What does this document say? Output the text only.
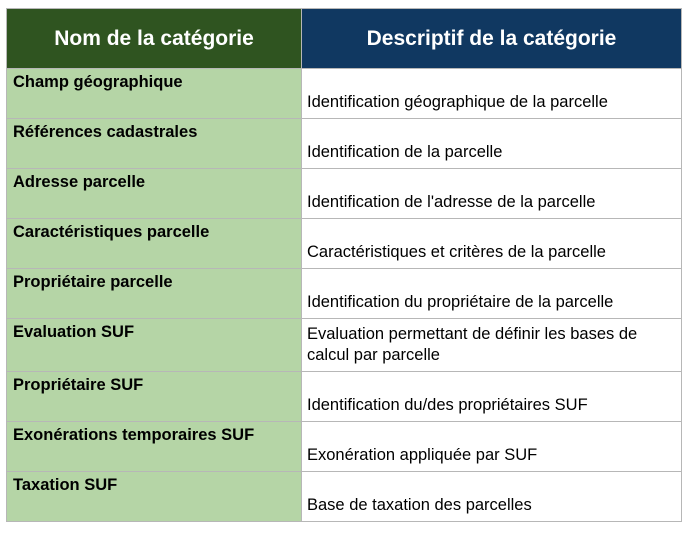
Nom de la catégorie	Descriptif de la catégorie
Champ géographique	Identification géographique de la parcelle
Références cadastrales	Identification de la parcelle
Adresse parcelle	Identification de l'adresse de la parcelle
Caractéristiques parcelle	Caractéristiques et critères de la parcelle
Propriétaire parcelle	Identification du propriétaire de la parcelle
Evaluation SUF	Evaluation permettant de définir les bases de calcul par parcelle
Propriétaire SUF	Identification du/des propriétaires SUF
Exonérations temporaires SUF	Exonération appliquée par SUF
Taxation SUF	Base de taxation des parcelles
